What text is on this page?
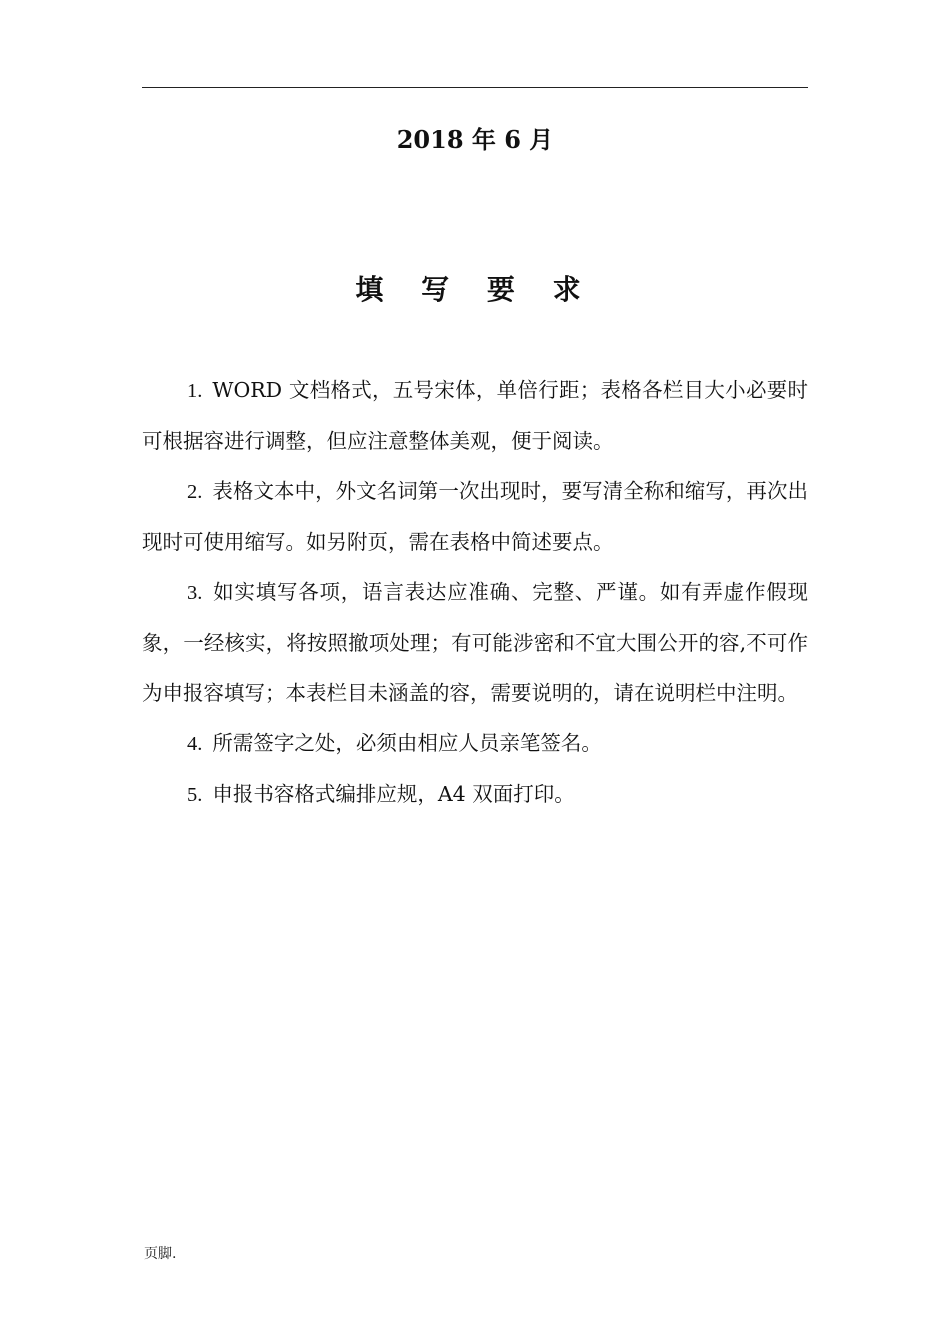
2018 年 6 月
填 写 要 求
1. WORD 文档格式，五号宋体，单倍行距；表格各栏目大小必要时可根据容进行调整，但应注意整体美观，便于阅读。
2. 表格文本中，外文名词第一次出现时，要写清全称和缩写，再次出现时可使用缩写。如另附页，需在表格中简述要点。
3. 如实填写各项，语言表达应准确、完整、严谨。如有弄虚作假现象，一经核实，将按照撤项处理；有可能涉密和不宜大围公开的容,不可作为申报容填写；本表栏目未涵盖的容，需要说明的，请在说明栏中注明。
4. 所需签字之处，必须由相应人员亲笔签名。
5. 申报书容格式编排应规，A4 双面打印。
页脚.
